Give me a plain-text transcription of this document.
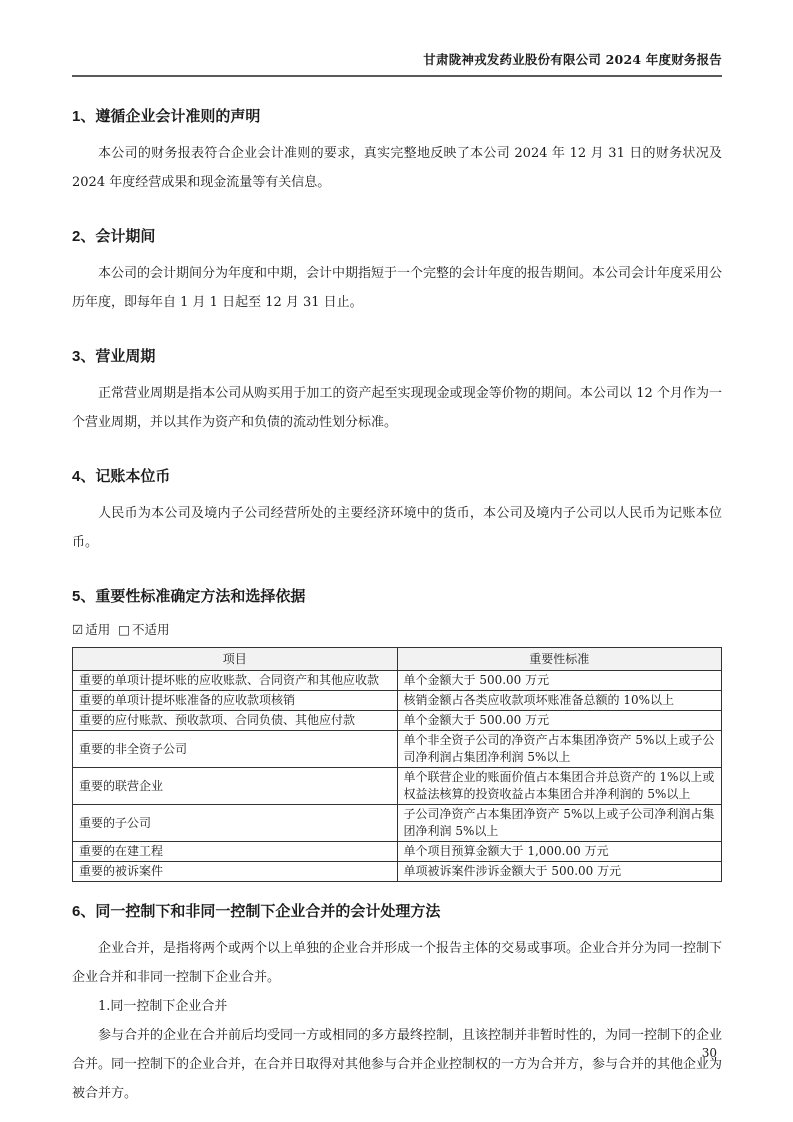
甘肃陇神戎发药业股份有限公司 2024 年度财务报告
1、遵循企业会计准则的声明

本公司的财务报表符合企业会计准则的要求，真实完整地反映了本公司 2024 年 12 月 31 日的财务状况及 2024 年度经营成果和现金流量等有关信息。

2、会计期间

本公司的会计期间分为年度和中期，会计中期指短于一个完整的会计年度的报告期间。本公司会计年度采用公历年度，即每年自 1 月 1 日起至 12 月 31 日止。

3、营业周期

正常营业周期是指本公司从购买用于加工的资产起至实现现金或现金等价物的期间。本公司以 12 个月作为一个营业周期，并以其作为资产和负债的流动性划分标准。

4、记账本位币

人民币为本公司及境内子公司经营所处的主要经济环境中的货币，本公司及境内子公司以人民币为记账本位币。

5、重要性标准确定方法和选择依据
☑ 适用 □ 不适用
项目	重要性标准
重要的单项计提坏账的应收账款、合同资产和其他应收款	单个金额大于 500.00 万元
重要的单项计提坏账准备的应收款项核销	核销金额占各类应收款项坏账准备总额的 10%以上
重要的应付账款、预收款项、合同负债、其他应付款	单个金额大于 500.00 万元
重要的非全资子公司	单个非全资子公司的净资产占本集团净资产 5%以上或子公司净利润占集团净利润 5%以上
重要的联营企业	单个联营企业的账面价值占本集团合并总资产的 1%以上或权益法核算的投资收益占本集团合并净利润的 5%以上
重要的子公司	子公司净资产占本集团净资产 5%以上或子公司净利润占集团净利润 5%以上
重要的在建工程	单个项目预算金额大于 1,000.00 万元
重要的被诉案件	单项被诉案件涉诉金额大于 500.00 万元
6、同一控制下和非同一控制下企业合并的会计处理方法

企业合并，是指将两个或两个以上单独的企业合并形成一个报告主体的交易或事项。企业合并分为同一控制下企业合并和非同一控制下企业合并。

1.同一控制下企业合并

参与合并的企业在合并前后均受同一方或相同的多方最终控制，且该控制并非暂时性的，为同一控制下的企业合并。同一控制下的企业合并，在合并日取得对其他参与合并企业控制权的一方为合并方，参与合并的其他企业为被合并方。

30
